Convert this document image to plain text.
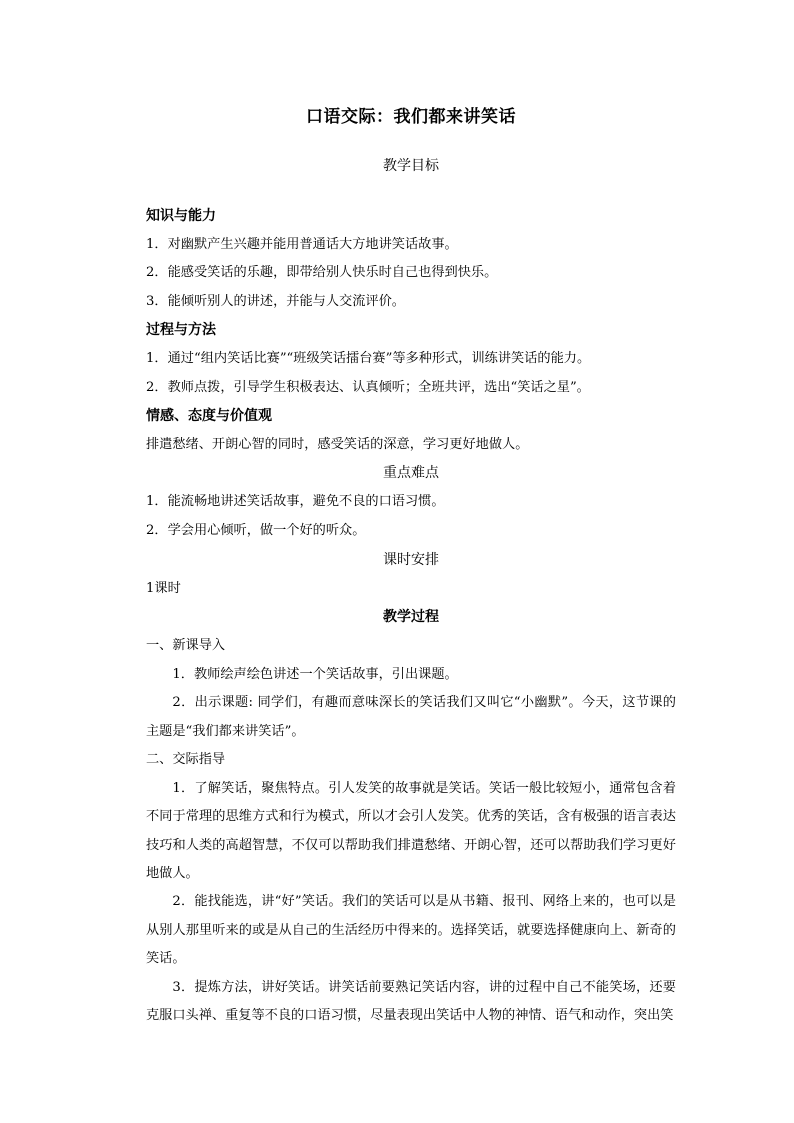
口语交际：我们都来讲笑话

教学目标

知识与能力

1．对幽默产生兴趣并能用普通话大方地讲笑话故事。

2．能感受笑话的乐趣，即带给别人快乐时自己也得到快乐。

3．能倾听别人的讲述，并能与人交流评价。

过程与方法

1．通过“组内笑话比赛”“班级笑话擂台赛”等多种形式，训练讲笑话的能力。

2．教师点拨，引导学生积极表达、认真倾听；全班共评，选出“笑话之星”。

情感、态度与价值观

排遣愁绪、开朗心智的同时，感受笑话的深意，学习更好地做人。

重点难点

1．能流畅地讲述笑话故事，避免不良的口语习惯。

2．学会用心倾听，做一个好的听众。

课时安排

1课时

教学过程

一、新课导入

1．教师绘声绘色讲述一个笑话故事，引出课题。

2．出示课题: 同学们，有趣而意味深长的笑话我们又叫它“小幽默”。今天，这节课的主题是“我们都来讲笑话”。

二、交际指导

1．了解笑话，聚焦特点。引人发笑的故事就是笑话。笑话一般比较短小，通常包含着不同于常理的思维方式和行为模式，所以才会引人发笑。优秀的笑话，含有极强的语言表达技巧和人类的高超智慧，不仅可以帮助我们排遣愁绪、开朗心智，还可以帮助我们学习更好地做人。

2．能找能选，讲“好”笑话。我们的笑话可以是从书籍、报刊、网络上来的，也可以是从别人那里听来的或是从自己的生活经历中得来的。选择笑话，就要选择健康向上、新奇的笑话。

3．提炼方法，讲好笑话。讲笑话前要熟记笑话内容，讲的过程中自己不能笑场，还要克服口头禅、重复等不良的口语习惯，尽量表现出笑话中人物的神情、语气和动作，突出笑
